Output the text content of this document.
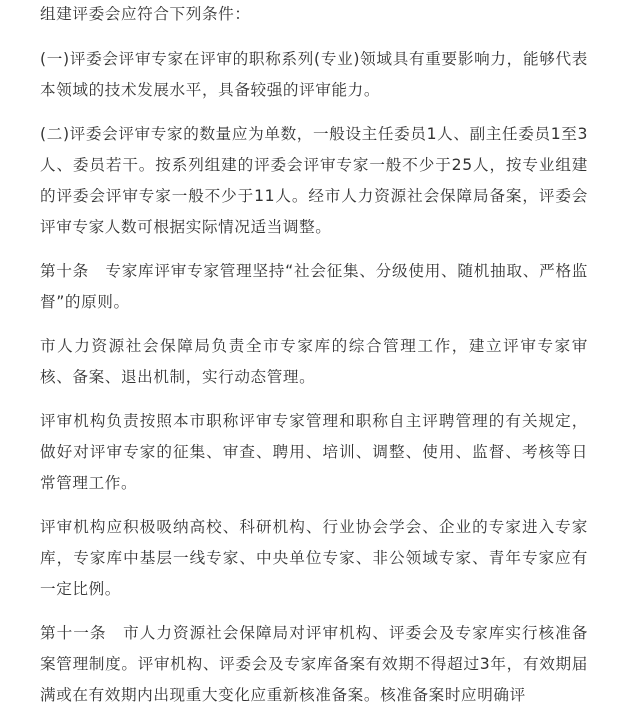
组建评委会应符合下列条件：

(一)评委会评审专家在评审的职称系列(专业)领域具有重要影响力，能够代表本领域的技术发展水平，具备较强的评审能力。

(二)评委会评审专家的数量应为单数，一般设主任委员1人、副主任委员1至3人、委员若干。按系列组建的评委会评审专家一般不少于25人，按专业组建的评委会评审专家一般不少于11人。经市人力资源社会保障局备案，评委会评审专家人数可根据实际情况适当调整。

第十条　专家库评审专家管理坚持“社会征集、分级使用、随机抽取、严格监督”的原则。

市人力资源社会保障局负责全市专家库的综合管理工作，建立评审专家审核、备案、退出机制，实行动态管理。

评审机构负责按照本市职称评审专家管理和职称自主评聘管理的有关规定，做好对评审专家的征集、审查、聘用、培训、调整、使用、监督、考核等日常管理工作。

评审机构应积极吸纳高校、科研机构、行业协会学会、企业的专家进入专家库，专家库中基层一线专家、中央单位专家、非公领域专家、青年专家应有一定比例。

第十一条　市人力资源社会保障局对评审机构、评委会及专家库实行核准备案管理制度。评审机构、评委会及专家库备案有效期不得超过3年，有效期届满或在有效期内出现重大变化应重新核准备案。核准备案时应明确评
